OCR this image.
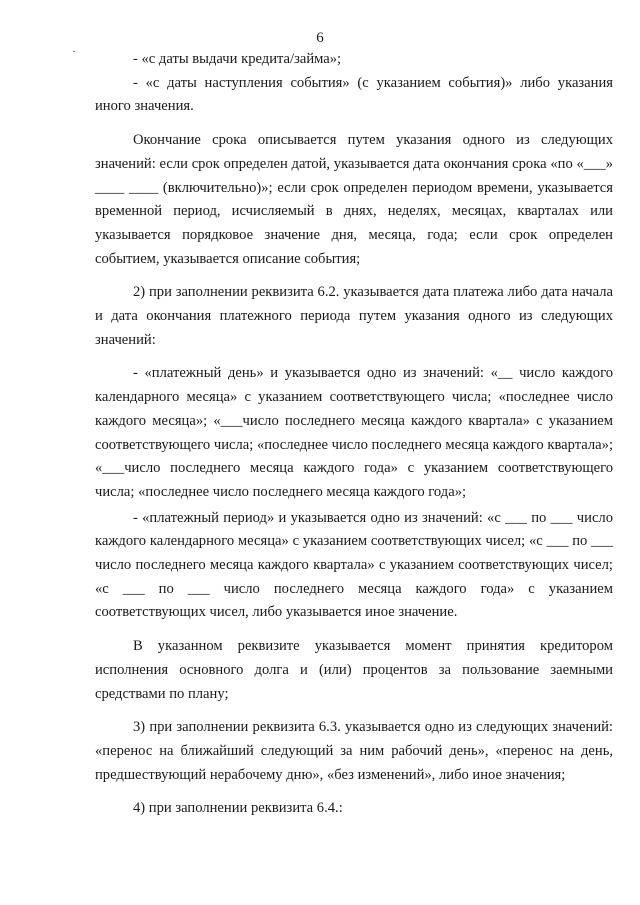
·
6

- «с даты выдачи кредита/займа»;

- «с даты наступления события» (с указанием события)» либо указания иного значения.

Окончание срока описывается путем указания одного из следующих значений: если срок определен датой, указывается дата окончания срока «по «___» ____ ____ (включительно)»; если срок определен периодом времени, указывается временной период, исчисляемый в днях, неделях, месяцах, кварталах или указывается порядковое значение дня, месяца, года; если срок определен событием, указывается описание события;

2) при заполнении реквизита 6.2. указывается дата платежа либо дата начала и дата окончания платежного периода путем указания одного из следующих значений:

- «платежный день» и указывается одно из значений: «__ число каждого календарного месяца» с указанием соответствующего числа; «последнее число каждого месяца»; «___число последнего месяца каждого квартала» с указанием соответствующего числа; «последнее число последнего месяца каждого квартала»; «___число последнего месяца каждого года» с указанием соответствующего числа; «последнее число последнего месяца каждого года»;

- «платежный период» и указывается одно из значений: «с ___ по ___ число каждого календарного месяца» с указанием соответствующих чисел; «с ___ по ___ число последнего месяца каждого квартала» с указанием соответствующих чисел; «с ___ по ___ число последнего месяца каждого года» с указанием соответствующих чисел, либо указывается иное значение.

В указанном реквизите указывается момент принятия кредитором исполнения основного долга и (или) процентов за пользование заемными средствами по плану;

3) при заполнении реквизита 6.3. указывается одно из следующих значений: «перенос на ближайший следующий за ним рабочий день», «перенос на день, предшествующий нерабочему дню», «без изменений», либо иное значения;

4) при заполнении реквизита 6.4.:
